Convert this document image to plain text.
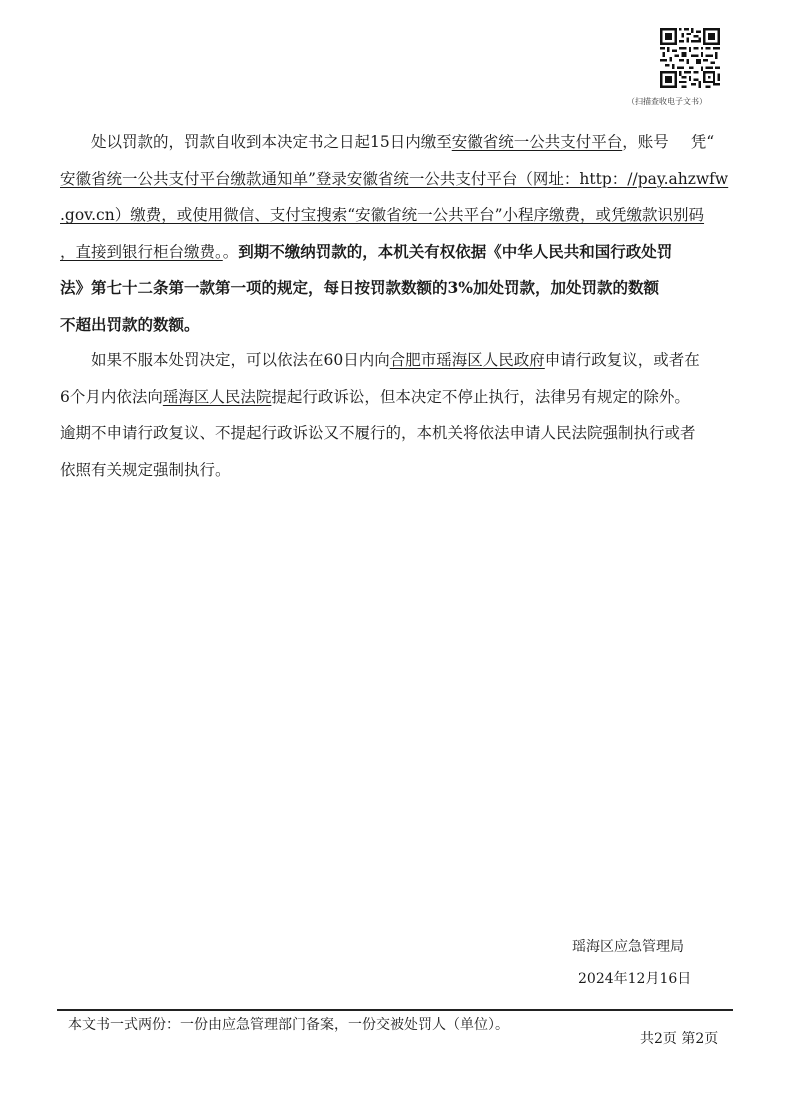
（扫描查收电子文书）
处以罚款的，罚款自收到本决定书之日起15日内缴至安徽省统一公共支付平台，账号 凭“
安徽省统一公共支付平台缴款通知单”登录安徽省统一公共支付平台（网址：http：//pay.ahzwfw
.gov.cn）缴费，或使用微信、支付宝搜索“安徽省统一公共平台”小程序缴费，或凭缴款识别码
，直接到银行柜台缴费。。到期不缴纳罚款的，本机关有权依据《中华人民共和国行政处罚
法》第七十二条第一款第一项的规定，每日按罚款数额的3%加处罚款，加处罚款的数额
不超出罚款的数额。
如果不服本处罚决定，可以依法在60日内向合肥市瑶海区人民政府申请行政复议，或者在
6个月内依法向瑶海区人民法院提起行政诉讼，但本决定不停止执行，法律另有规定的除外。
逾期不申请行政复议、不提起行政诉讼又不履行的，本机关将依法申请人民法院强制执行或者
依照有关规定强制执行。
瑶海区应急管理局
2024年12月16日
本文书一式两份：一份由应急管理部门备案，一份交被处罚人（单位）。
共2页 第2页
